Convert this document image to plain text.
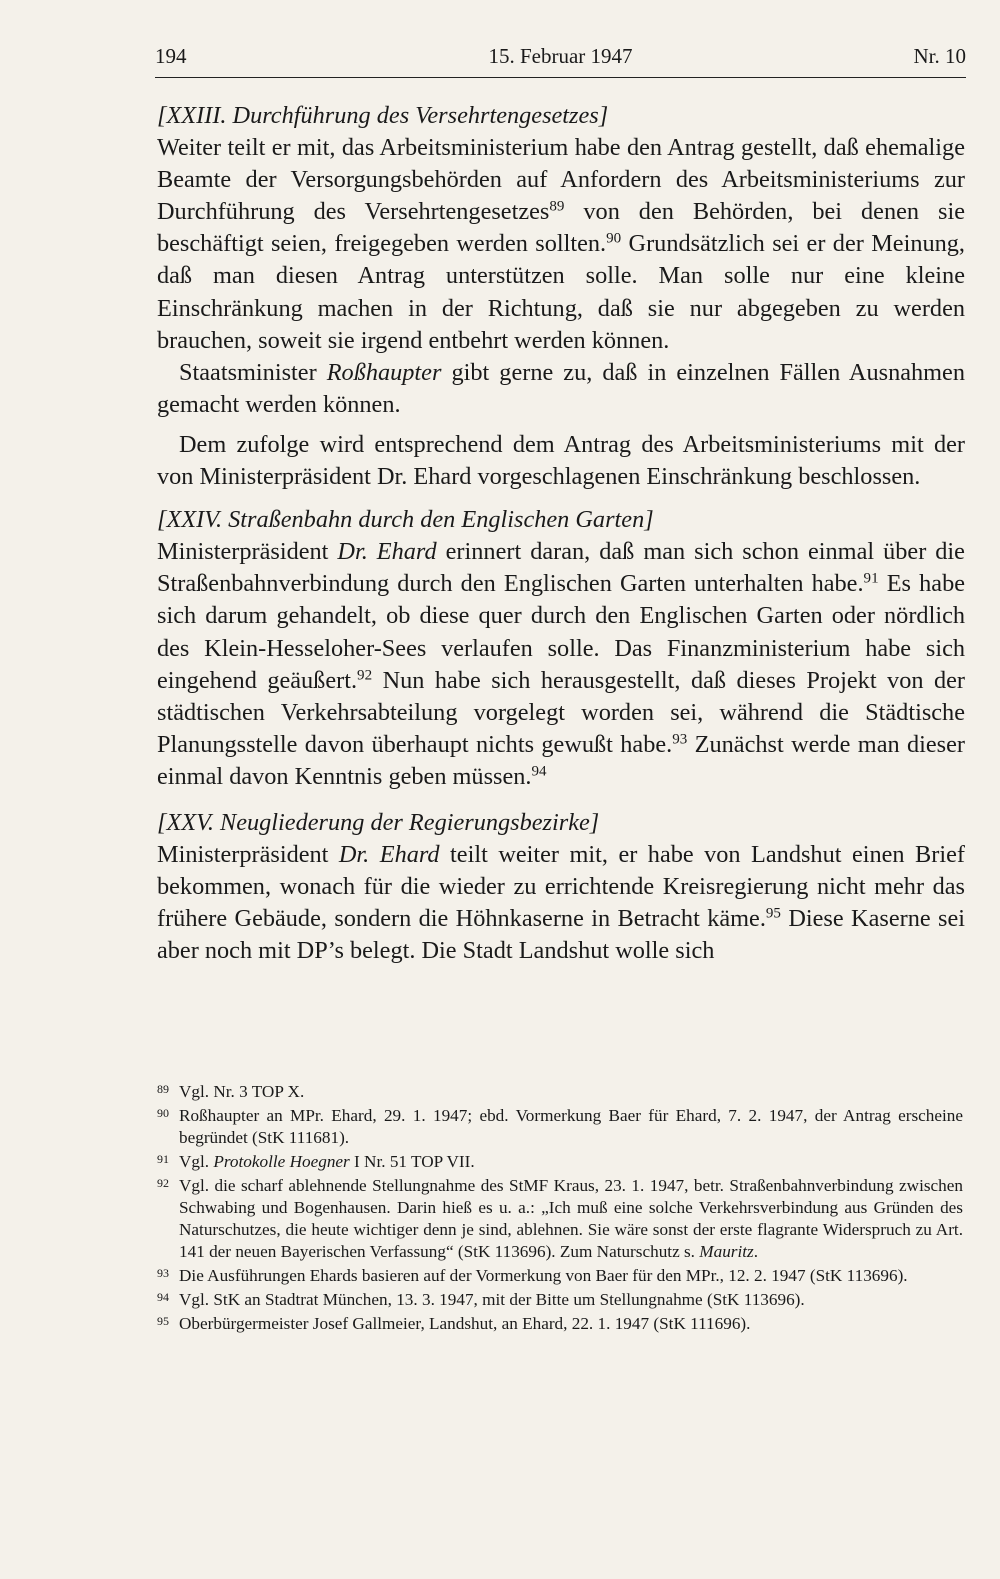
194	15. Februar 1947	Nr. 10

[XXIII. Durchführung des Versehrtengesetzes]

Weiter teilt er mit, das Arbeitsministerium habe den Antrag gestellt, daß ehemalige Beamte der Versorgungsbehörden auf Anfordern des Arbeitsministeriums zur Durchführung des Versehrtengesetzes$^{89}$ von den Behörden, bei denen sie beschäftigt seien, freigegeben werden sollten.$^{90}$ Grundsätzlich sei er der Meinung, daß man diesen Antrag unterstützen solle. Man solle nur eine kleine Einschränkung machen in der Richtung, daß sie nur abgegeben zu werden brauchen, soweit sie irgend entbehrt werden können.

Staatsminister Roßhaupter gibt gerne zu, daß in einzelnen Fällen Ausnahmen gemacht werden können.

Dem zufolge wird entsprechend dem Antrag des Arbeitsministeriums mit der von Ministerpräsident Dr. Ehard vorgeschlagenen Einschränkung beschlossen.

[XXIV. Straßenbahn durch den Englischen Garten]

Ministerpräsident Dr. Ehard erinnert daran, daß man sich schon einmal über die Straßenbahnverbindung durch den Englischen Garten unterhalten habe.$^{91}$ Es habe sich darum gehandelt, ob diese quer durch den Englischen Garten oder nördlich des Klein-Hesseloher-Sees verlaufen solle. Das Finanzministerium habe sich eingehend geäußert.$^{92}$ Nun habe sich herausgestellt, daß dieses Projekt von der städtischen Verkehrsabteilung vorgelegt worden sei, während die Städtische Planungsstelle davon überhaupt nichts gewußt habe.$^{93}$ Zunächst werde man dieser einmal davon Kenntnis geben müssen.$^{94}$

[XXV. Neugliederung der Regierungsbezirke]

Ministerpräsident Dr. Ehard teilt weiter mit, er habe von Landshut einen Brief bekommen, wonach für die wieder zu errichtende Kreisregierung nicht mehr das frühere Gebäude, sondern die Höhnkaserne in Betracht käme.$^{95}$ Diese Kaserne sei aber noch mit DP’s belegt. Die Stadt Landshut wolle sich

89 Vgl. Nr. 3 TOP X.
90 Roßhaupter an MPr. Ehard, 29. 1. 1947; ebd. Vormerkung Baer für Ehard, 7. 2. 1947, der Antrag erscheine begründet (StK 111681).
91 Vgl. Protokolle Hoegner I Nr. 51 TOP VII.
92 Vgl. die scharf ablehnende Stellungnahme des StMF Kraus, 23. 1. 1947, betr. Straßenbahnverbindung zwischen Schwabing und Bogenhausen. Darin hieß es u. a.: „Ich muß eine solche Verkehrsverbindung aus Gründen des Naturschutzes, die heute wichtiger denn je sind, ablehnen. Sie wäre sonst der erste flagrante Widerspruch zu Art. 141 der neuen Bayerischen Verfassung“ (StK 113696). Zum Naturschutz s. Mauritz.
93 Die Ausführungen Ehards basieren auf der Vormerkung von Baer für den MPr., 12. 2. 1947 (StK 113696).
94 Vgl. StK an Stadtrat München, 13. 3. 1947, mit der Bitte um Stellungnahme (StK 113696).
95 Oberbürgermeister Josef Gallmeier, Landshut, an Ehard, 22. 1. 1947 (StK 111696).
